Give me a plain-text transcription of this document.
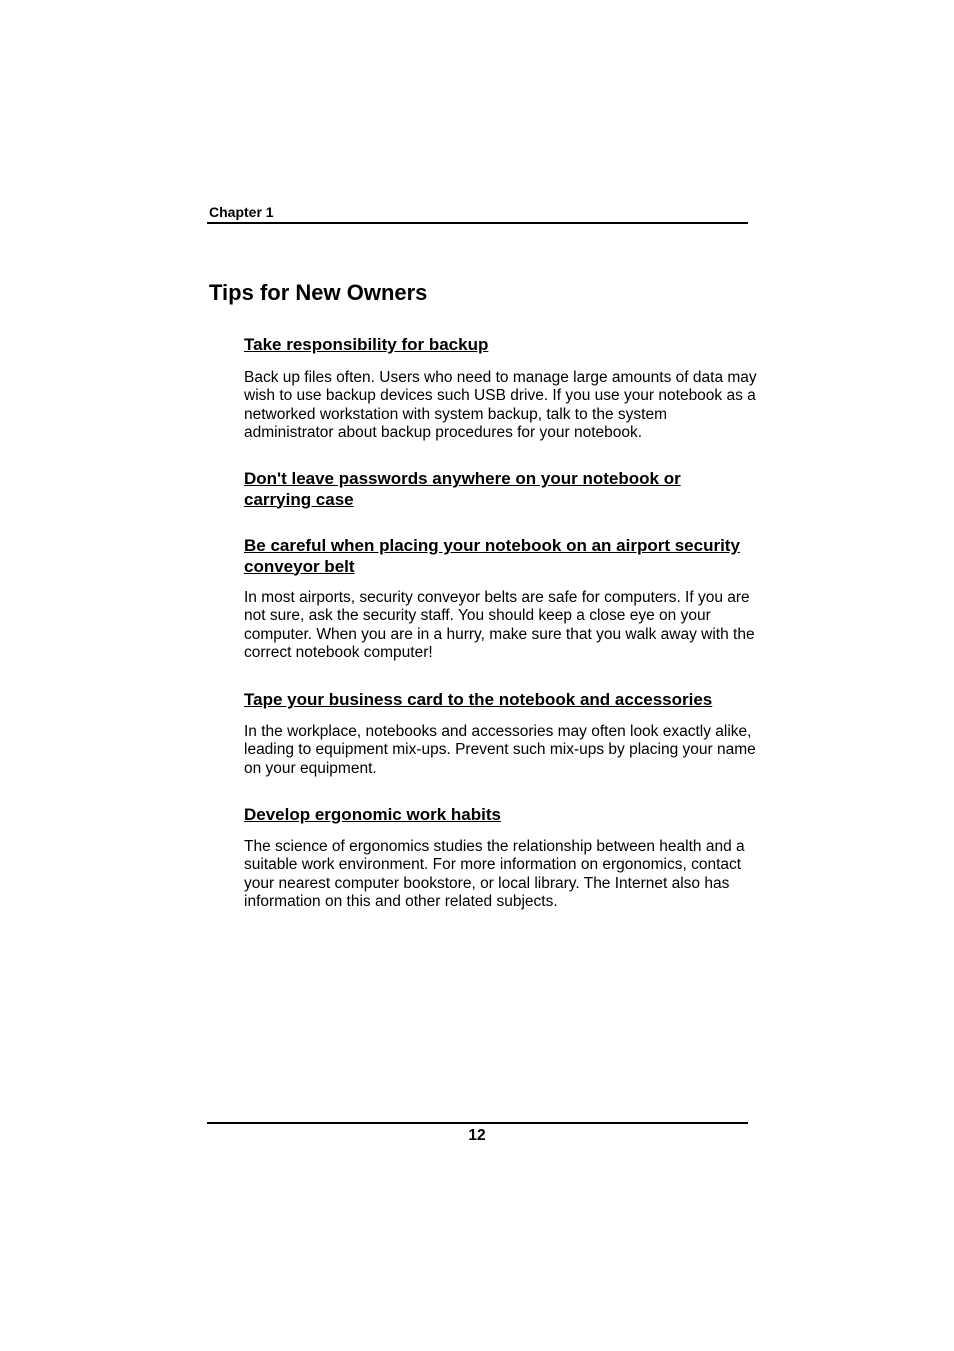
Chapter 1
Tips for New Owners
Take responsibility for backup

Back up files often. Users who need to manage large amounts of data may wish to use backup devices such USB drive. If you use your notebook as a networked workstation with system backup, talk to the system administrator about backup procedures for your notebook.

Don't leave passwords anywhere on your notebook or carrying case
Be careful when placing your notebook on an airport security conveyor belt

In most airports, security conveyor belts are safe for computers. If you are not sure, ask the security staff. You should keep a close eye on your computer. When you are in a hurry, make sure that you walk away with the correct notebook computer!

Tape your business card to the notebook and accessories

In the workplace, notebooks and accessories may often look exactly alike, leading to equipment mix-ups. Prevent such mix-ups by placing your name on your equipment.

Develop ergonomic work habits

The science of ergonomics studies the relationship between health and a suitable work environment. For more information on ergonomics, contact your nearest computer bookstore, or local library. The Internet also has information on this and other related subjects.

12
